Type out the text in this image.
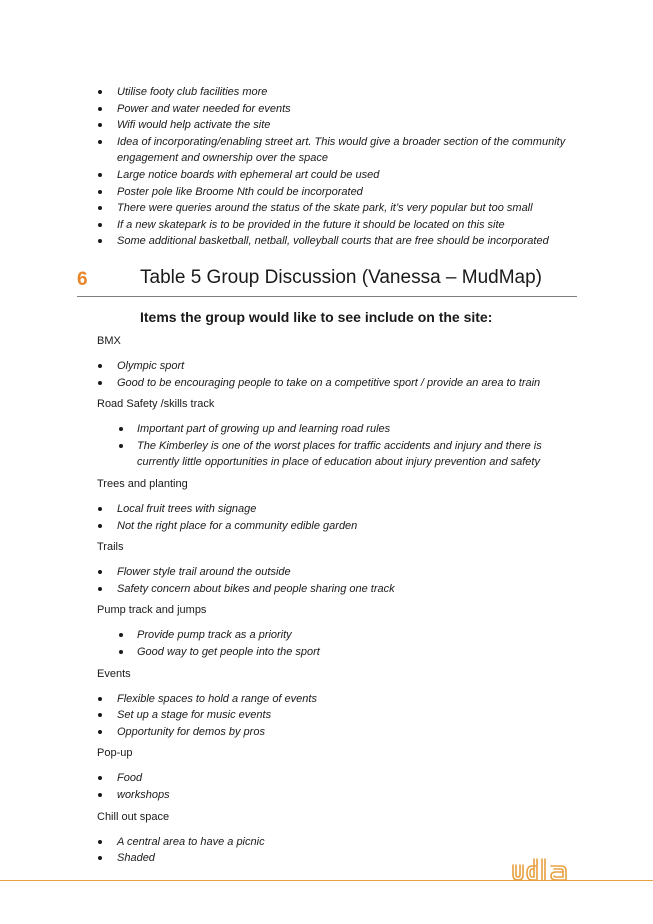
Utilise footy club facilities more
Power and water needed for events
Wifi would help activate the site
Idea of incorporating/enabling street art. This would give a broader section of the community engagement and ownership over the space
Large notice boards with ephemeral art could be used
Poster pole like Broome Nth could be incorporated
There were queries around the status of the skate park, it’s very popular but too small
If a new skatepark is to be provided in the future it should be located on this site
Some additional basketball, netball, volleyball courts that are free should be incorporated
6	Table 5 Group Discussion (Vanessa – MudMap)
Items the group would like to see include on the site:

BMX

Olympic sport
Good to be encouraging people to take on a competitive sport / provide an area to train

Road Safety /skills track

Important part of growing up and learning road rules
The Kimberley is one of the worst places for traffic accidents and injury and there is currently little opportunities in place of education about injury prevention and safety

Trees and planting

Local fruit trees with signage
Not the right place for a community edible garden

Trails

Flower style trail around the outside
Safety concern about bikes and people sharing one track

Pump track and jumps

Provide pump track as a priority
Good way to get people into the sport

Events

Flexible spaces to hold a range of events
Set up a stage for music events
Opportunity for demos by pros

Pop-up

Food
workshops

Chill out space

A central area to have a picnic
Shaded
